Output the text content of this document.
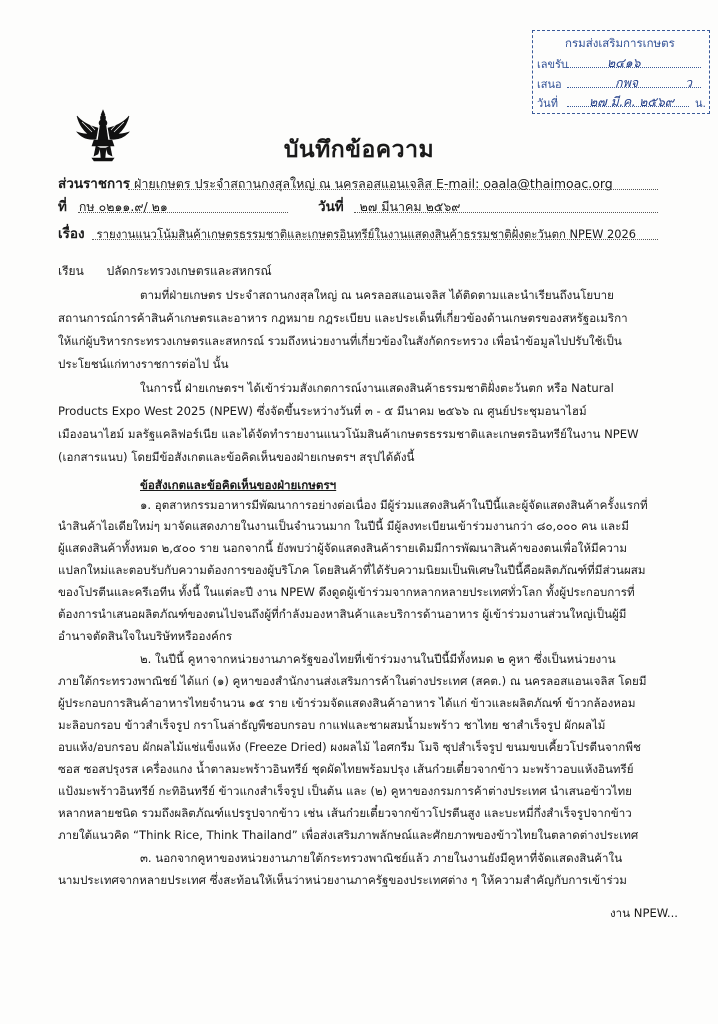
กรมส่งเสริมการเกษตร
เลขรับ	๒๔๑๖
เสนอ	กพจ	ว
วันที่ ๒๗ มี.ค. ๒๕๖๙ น.
บันทึกข้อความ
ส่วนราชการ ฝ่ายเกษตร ประจำสถานกงสุลใหญ่ ณ นครลอสแอนเจลิส E-mail: oaala@thaimoac.org
ที่ กษ ๐๒๑๑.๙/ ๒๑	วันที่ ๒๗ มีนาคม ๒๕๖๙
เรื่อง รายงานแนวโน้มสินค้าเกษตรธรรมชาติและเกษตรอินทรีย์ในงานแสดงสินค้าธรรมชาติฝั่งตะวันตก NPEW 2026
เรียน ปลัดกระทรวงเกษตรและสหกรณ์
ตามที่ฝ่ายเกษตร ประจำสถานกงสุลใหญ่ ณ นครลอสแอนเจลิส ได้ติดตามและนำเรียนถึงนโยบาย
สถานการณ์การค้าสินค้าเกษตรและอาหาร กฎหมาย กฎระเบียบ และประเด็นที่เกี่ยวข้องด้านเกษตรของสหรัฐอเมริกา
ให้แก่ผู้บริหารกระทรวงเกษตรและสหกรณ์ รวมถึงหน่วยงานที่เกี่ยวข้องในสังกัดกระทรวง เพื่อนำข้อมูลไปปรับใช้เป็น
ประโยชน์แก่ทางราชการต่อไป นั้น
ในการนี้ ฝ่ายเกษตรฯ ได้เข้าร่วมสังเกตการณ์งานแสดงสินค้าธรรมชาติฝั่งตะวันตก หรือ Natural
Products Expo West 2025 (NPEW) ซึ่งจัดขึ้นระหว่างวันที่ ๓ - ๕ มีนาคม ๒๕๖๖ ณ ศูนย์ประชุมอนาไฮม์
เมืองอนาไฮม์ มลรัฐแคลิฟอร์เนีย และได้จัดทำรายงานแนวโน้มสินค้าเกษตรธรรมชาติและเกษตรอินทรีย์ในงาน NPEW
(เอกสารแนบ) โดยมีข้อสังเกตและข้อคิดเห็นของฝ่ายเกษตรฯ สรุปได้ดังนี้
ข้อสังเกตและข้อคิดเห็นของฝ่ายเกษตรฯ
๑. อุตสาหกรรมอาหารมีพัฒนาการอย่างต่อเนื่อง มีผู้ร่วมแสดงสินค้าในปีนี้และผู้จัดแสดงสินค้าครั้งแรกที่
นำสินค้าไอเดียใหม่ๆ มาจัดแสดงภายในงานเป็นจำนวนมาก ในปีนี้ มีผู้ลงทะเบียนเข้าร่วมงานกว่า ๘๐,๐๐๐ คน และมี
ผู้แสดงสินค้าทั้งหมด ๒,๕๐๐ ราย นอกจากนี้ ยังพบว่าผู้จัดแสดงสินค้ารายเดิมมีการพัฒนาสินค้าของตนเพื่อให้มีความ
แปลกใหม่และตอบรับกับความต้องการของผู้บริโภค โดยสินค้าที่ได้รับความนิยมเป็นพิเศษในปีนี้คือผลิตภัณฑ์ที่มีส่วนผสม
ของโปรตีนและครีเอทีน ทั้งนี้ ในแต่ละปี งาน NPEW ดึงดูดผู้เข้าร่วมจากหลากหลายประเทศทั่วโลก ทั้งผู้ประกอบการที่
ต้องการนำเสนอผลิตภัณฑ์ของตนไปจนถึงผู้ที่กำลังมองหาสินค้าและบริการด้านอาหาร ผู้เข้าร่วมงานส่วนใหญ่เป็นผู้มี
อำนาจตัดสินใจในบริษัทหรือองค์กร
๒. ในปีนี้ คูหาจากหน่วยงานภาครัฐของไทยที่เข้าร่วมงานในปีนี้มีทั้งหมด ๒ คูหา ซึ่งเป็นหน่วยงาน
ภายใต้กระทรวงพาณิชย์ ได้แก่ (๑) คูหาของสำนักงานส่งเสริมการค้าในต่างประเทศ (สคต.) ณ นครลอสแอนเจลิส โดยมี
ผู้ประกอบการสินค้าอาหารไทยจำนวน ๑๕ ราย เข้าร่วมจัดแสดงสินค้าอาหาร ได้แก่ ข้าวและผลิตภัณฑ์ ข้าวกล้องหอม
มะลิอบกรอบ ข้าวสำเร็จรูป กราโนล่าธัญพืชอบกรอบ กาแฟและชาผสมน้ำมะพร้าว ชาไทย ชาสำเร็จรูป ผักผลไม้
อบแห้ง/อบกรอบ ผักผลไม้แช่แข็งแห้ง (Freeze Dried) ผงผลไม้ ไอศกรีม โมจิ ซุปสำเร็จรูป ขนมขบเคี้ยวโปรตีนจากพืช
ซอส ซอสปรุงรส เครื่องแกง น้ำตาลมะพร้าวอินทรีย์ ชุดผัดไทยพร้อมปรุง เส้นก๋วยเตี๋ยวจากข้าว มะพร้าวอบแห้งอินทรีย์
แป้งมะพร้าวอินทรีย์ กะทิอินทรีย์ ข้าวแกงสำเร็จรูป เป็นต้น และ (๒) คูหาของกรมการค้าต่างประเทศ นำเสนอข้าวไทย
หลากหลายชนิด รวมถึงผลิตภัณฑ์แปรรูปจากข้าว เช่น เส้นก๋วยเตี๋ยวจากข้าวโปรตีนสูง และบะหมี่กึ่งสำเร็จรูปจากข้าว
ภายใต้แนวคิด “Think Rice, Think Thailand” เพื่อส่งเสริมภาพลักษณ์และศักยภาพของข้าวไทยในตลาดต่างประเทศ
๓. นอกจากคูหาของหน่วยงานภายใต้กระทรวงพาณิชย์แล้ว ภายในงานยังมีคูหาที่จัดแสดงสินค้าใน
นามประเทศจากหลายประเทศ ซึ่งสะท้อนให้เห็นว่าหน่วยงานภาครัฐของประเทศต่าง ๆ ให้ความสำคัญกับการเข้าร่วม
งาน NPEW...
